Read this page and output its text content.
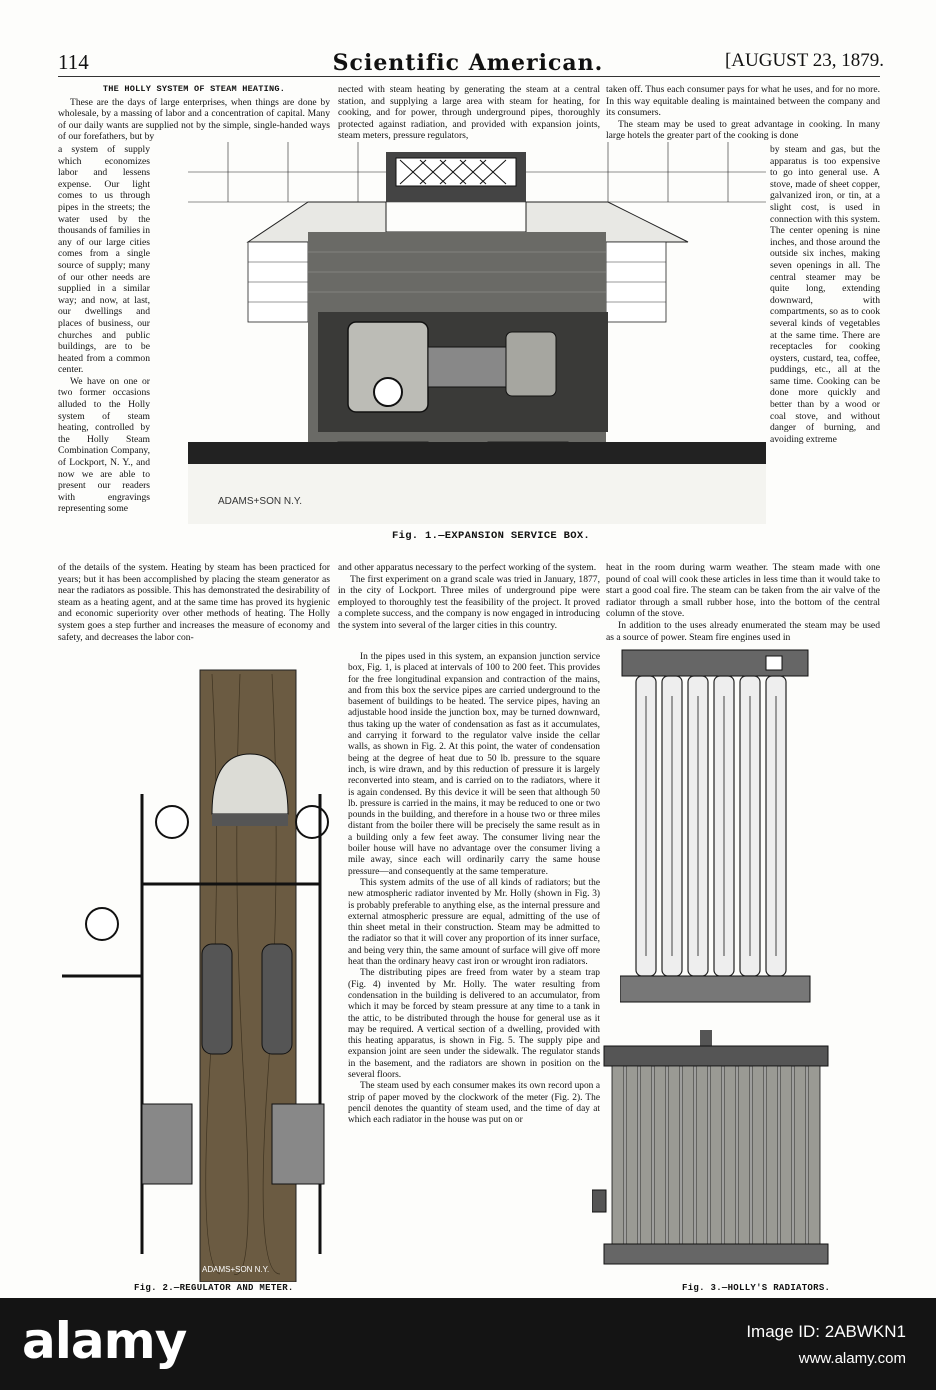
114	Scientific American.	[AUGUST 23, 1879.

THE HOLLY SYSTEM OF STEAM HEATING.

These are the days of large enterprises, when things are done by wholesale, by a massing of labor and a concentration of capital. Many of our daily wants are supplied not by the simple, single-handed ways of our forefathers, but by

a system of supply which economizes labor and lessens expense. Our light comes to us through pipes in the streets; the water used by the thousands of families in any of our large cities comes from a single source of supply; many of our other needs are supplied in a similar way; and now, at last, our dwellings and places of business, our churches and public buildings, are to be heated from a common center.

We have on one or two former occasions alluded to the Holly system of steam heating, controlled by the Holly Steam Combination Company, of Lockport, N. Y., and now we are able to present our readers with engravings representing some

of the details of the system. Heating by steam has been practiced for years; but it has been accomplished by placing the steam generator as near the radiators as possible. This has demonstrated the desirability of steam as a heating agent, and at the same time has proved its hygienic and economic superiority over other methods of heating. The Holly system goes a step further and increases the measure of economy and safety, and decreases the labor con-

nected with steam heating by generating the steam at a central station, and supplying a large area with steam for heating, for cooking, and for power, through underground pipes, thoroughly protected against radiation, and provided with expansion joints, steam meters, pressure regulators,

and other apparatus necessary to the perfect working of the system.

The first experiment on a grand scale was tried in January, 1877, in the city of Lockport. Three miles of underground pipe were employed to thoroughly test the feasibility of the project. It proved a complete success, and the company is now engaged in introducing the system into several of the larger cities in this country.

In the pipes used in this system, an expansion junction service box, Fig. 1, is placed at intervals of 100 to 200 feet. This provides for the free longitudinal expansion and contraction of the mains, and from this box the service pipes are carried underground to the basement of buildings to be heated. The service pipes, having an adjustable hood inside the junction box, may be turned downward, thus taking up the water of condensation as fast as it accumulates, and carrying it forward to the regulator valve inside the cellar walls, as shown in Fig. 2. At this point, the water of condensation being at the degree of heat due to 50 lb. pressure to the square inch, is wire drawn, and by this reduction of pressure it is largely reconverted into steam, and is carried on to the radiators, where it is again condensed. By this device it will be seen that although 50 lb. pressure is carried in the mains, it may be reduced to one or two pounds in the building, and therefore in a house two or three miles distant from the boiler there will be precisely the same result as in a building only a few feet away. The consumer living near the boiler house will have no advantage over the consumer living a mile away, since each will ordinarily carry the same house pressure—and consequently at the same temperature.

This system admits of the use of all kinds of radiators; but the new atmospheric radiator invented by Mr. Holly (shown in Fig. 3) is probably preferable to anything else, as the internal pressure and external atmospheric pressure are equal, admitting of the use of thin sheet metal in their construction. Steam may be admitted to the radiator so that it will cover any proportion of its inner surface, and being very thin, the same amount of surface will give off more heat than the ordinary heavy cast iron or wrought iron radiators.

The distributing pipes are freed from water by a steam trap (Fig. 4) invented by Mr. Holly. The water resulting from condensation in the building is delivered to an accumulator, from which it may be forced by steam pressure at any time to a tank in the attic, to be distributed through the house for general use as it may be required. A vertical section of a dwelling, provided with this heating apparatus, is shown in Fig. 5. The supply pipe and expansion joint are seen under the sidewalk. The regulator stands in the basement, and the radiators are shown in position on the several floors.

The steam used by each consumer makes its own record upon a strip of paper moved by the clockwork of the meter (Fig. 2). The pencil denotes the quantity of steam used, and the time of day at which each radiator in the house was put on or

taken off. Thus each consumer pays for what he uses, and for no more. In this way equitable dealing is maintained between the company and its consumers.

The steam may be used to great advantage in cooking. In many large hotels the greater part of the cooking is done

by steam and gas, but the apparatus is too expensive to go into general use. A stove, made of sheet copper, galvanized iron, or tin, at a slight cost, is used in connection with this system. The center opening is nine inches, and those around the outside six inches, making seven openings in all. The central steamer may be quite long, extending downward, with compartments, so as to cook several kinds of vegetables at the same time. There are receptacles for cooking oysters, custard, tea, coffee, puddings, etc., all at the same time. Cooking can be done more quickly and better than by a wood or coal stove, and without danger of burning, and avoiding extreme

heat in the room during warm weather. The steam made with one pound of coal will cook these articles in less time than it would take to start a good coal fire. The steam can be taken from the air valve of the radiator through a small rubber hose, into the bottom of the central column of the stove.

In addition to the uses already enumerated the steam may be used as a source of power. Steam fire engines used in

ADAMS+SON N.Y.
Fig. 1.—EXPANSION SERVICE BOX.
ADAMS+SON N.Y.
Fig. 2.—REGULATOR AND METER.	Fig. 3.—HOLLY'S RADIATORS.
alamy	Image ID: 2ABWKN1
www.alamy.com
